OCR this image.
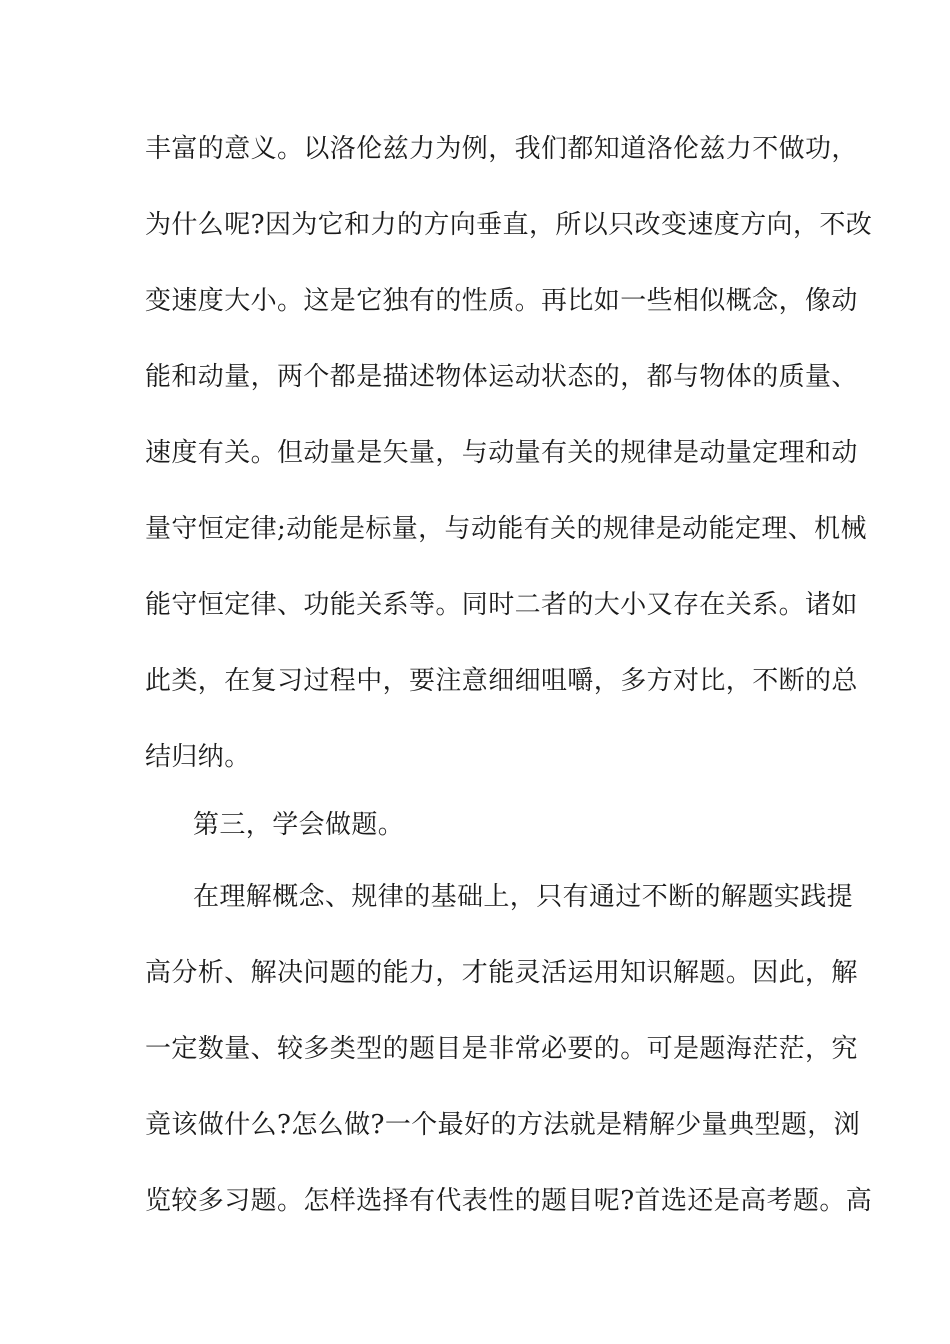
丰富的意义。以洛伦兹力为例，我们都知道洛伦兹力不做功，
为什么呢?因为它和力的方向垂直，所以只改变速度方向，不改
变速度大小。这是它独有的性质。再比如一些相似概念，像动
能和动量，两个都是描述物体运动状态的，都与物体的质量、
速度有关。但动量是矢量，与动量有关的规律是动量定理和动
量守恒定律;动能是标量，与动能有关的规律是动能定理、机械
能守恒定律、功能关系等。同时二者的大小又存在关系。诸如
此类，在复习过程中，要注意细细咀嚼，多方对比，不断的总
结归纳。
第三，学会做题。
在理解概念、规律的基础上，只有通过不断的解题实践提
高分析、解决问题的能力，才能灵活运用知识解题。因此，解
一定数量、较多类型的题目是非常必要的。可是题海茫茫，究
竟该做什么?怎么做?一个最好的方法就是精解少量典型题，浏
览较多习题。怎样选择有代表性的题目呢?首选还是高考题。高
